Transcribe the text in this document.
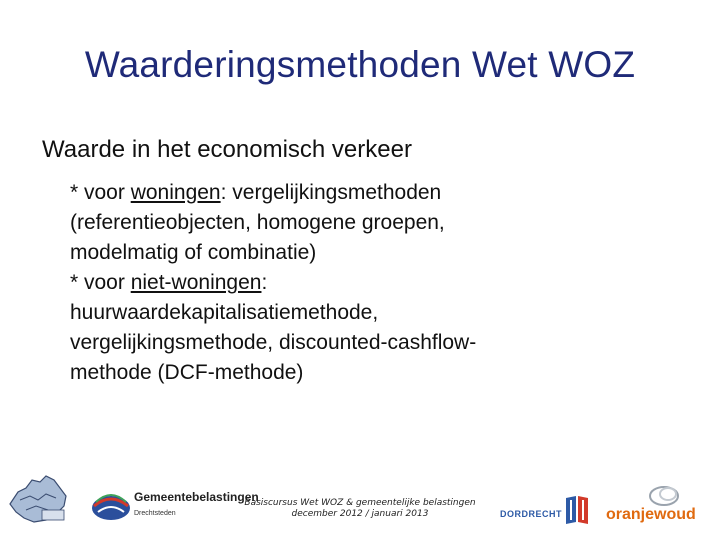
Waarderingsmethoden Wet WOZ
Waarde in het economisch verkeer
* voor woningen: vergelijkingsmethoden
(referentieobjecten, homogene groepen,
modelmatig of combinatie)
* voor niet-woningen:
huurwaardekapitalisatiemethode,
vergelijkingsmethode, discounted-cashflow-
methode (DCF-methode)
Gemeentebelastingen
Drechtsteden
Basiscursus Wet WOZ & gemeentelijke belastingen
december 2012 / januari 2013	DORDRECHT	oranjewoud
